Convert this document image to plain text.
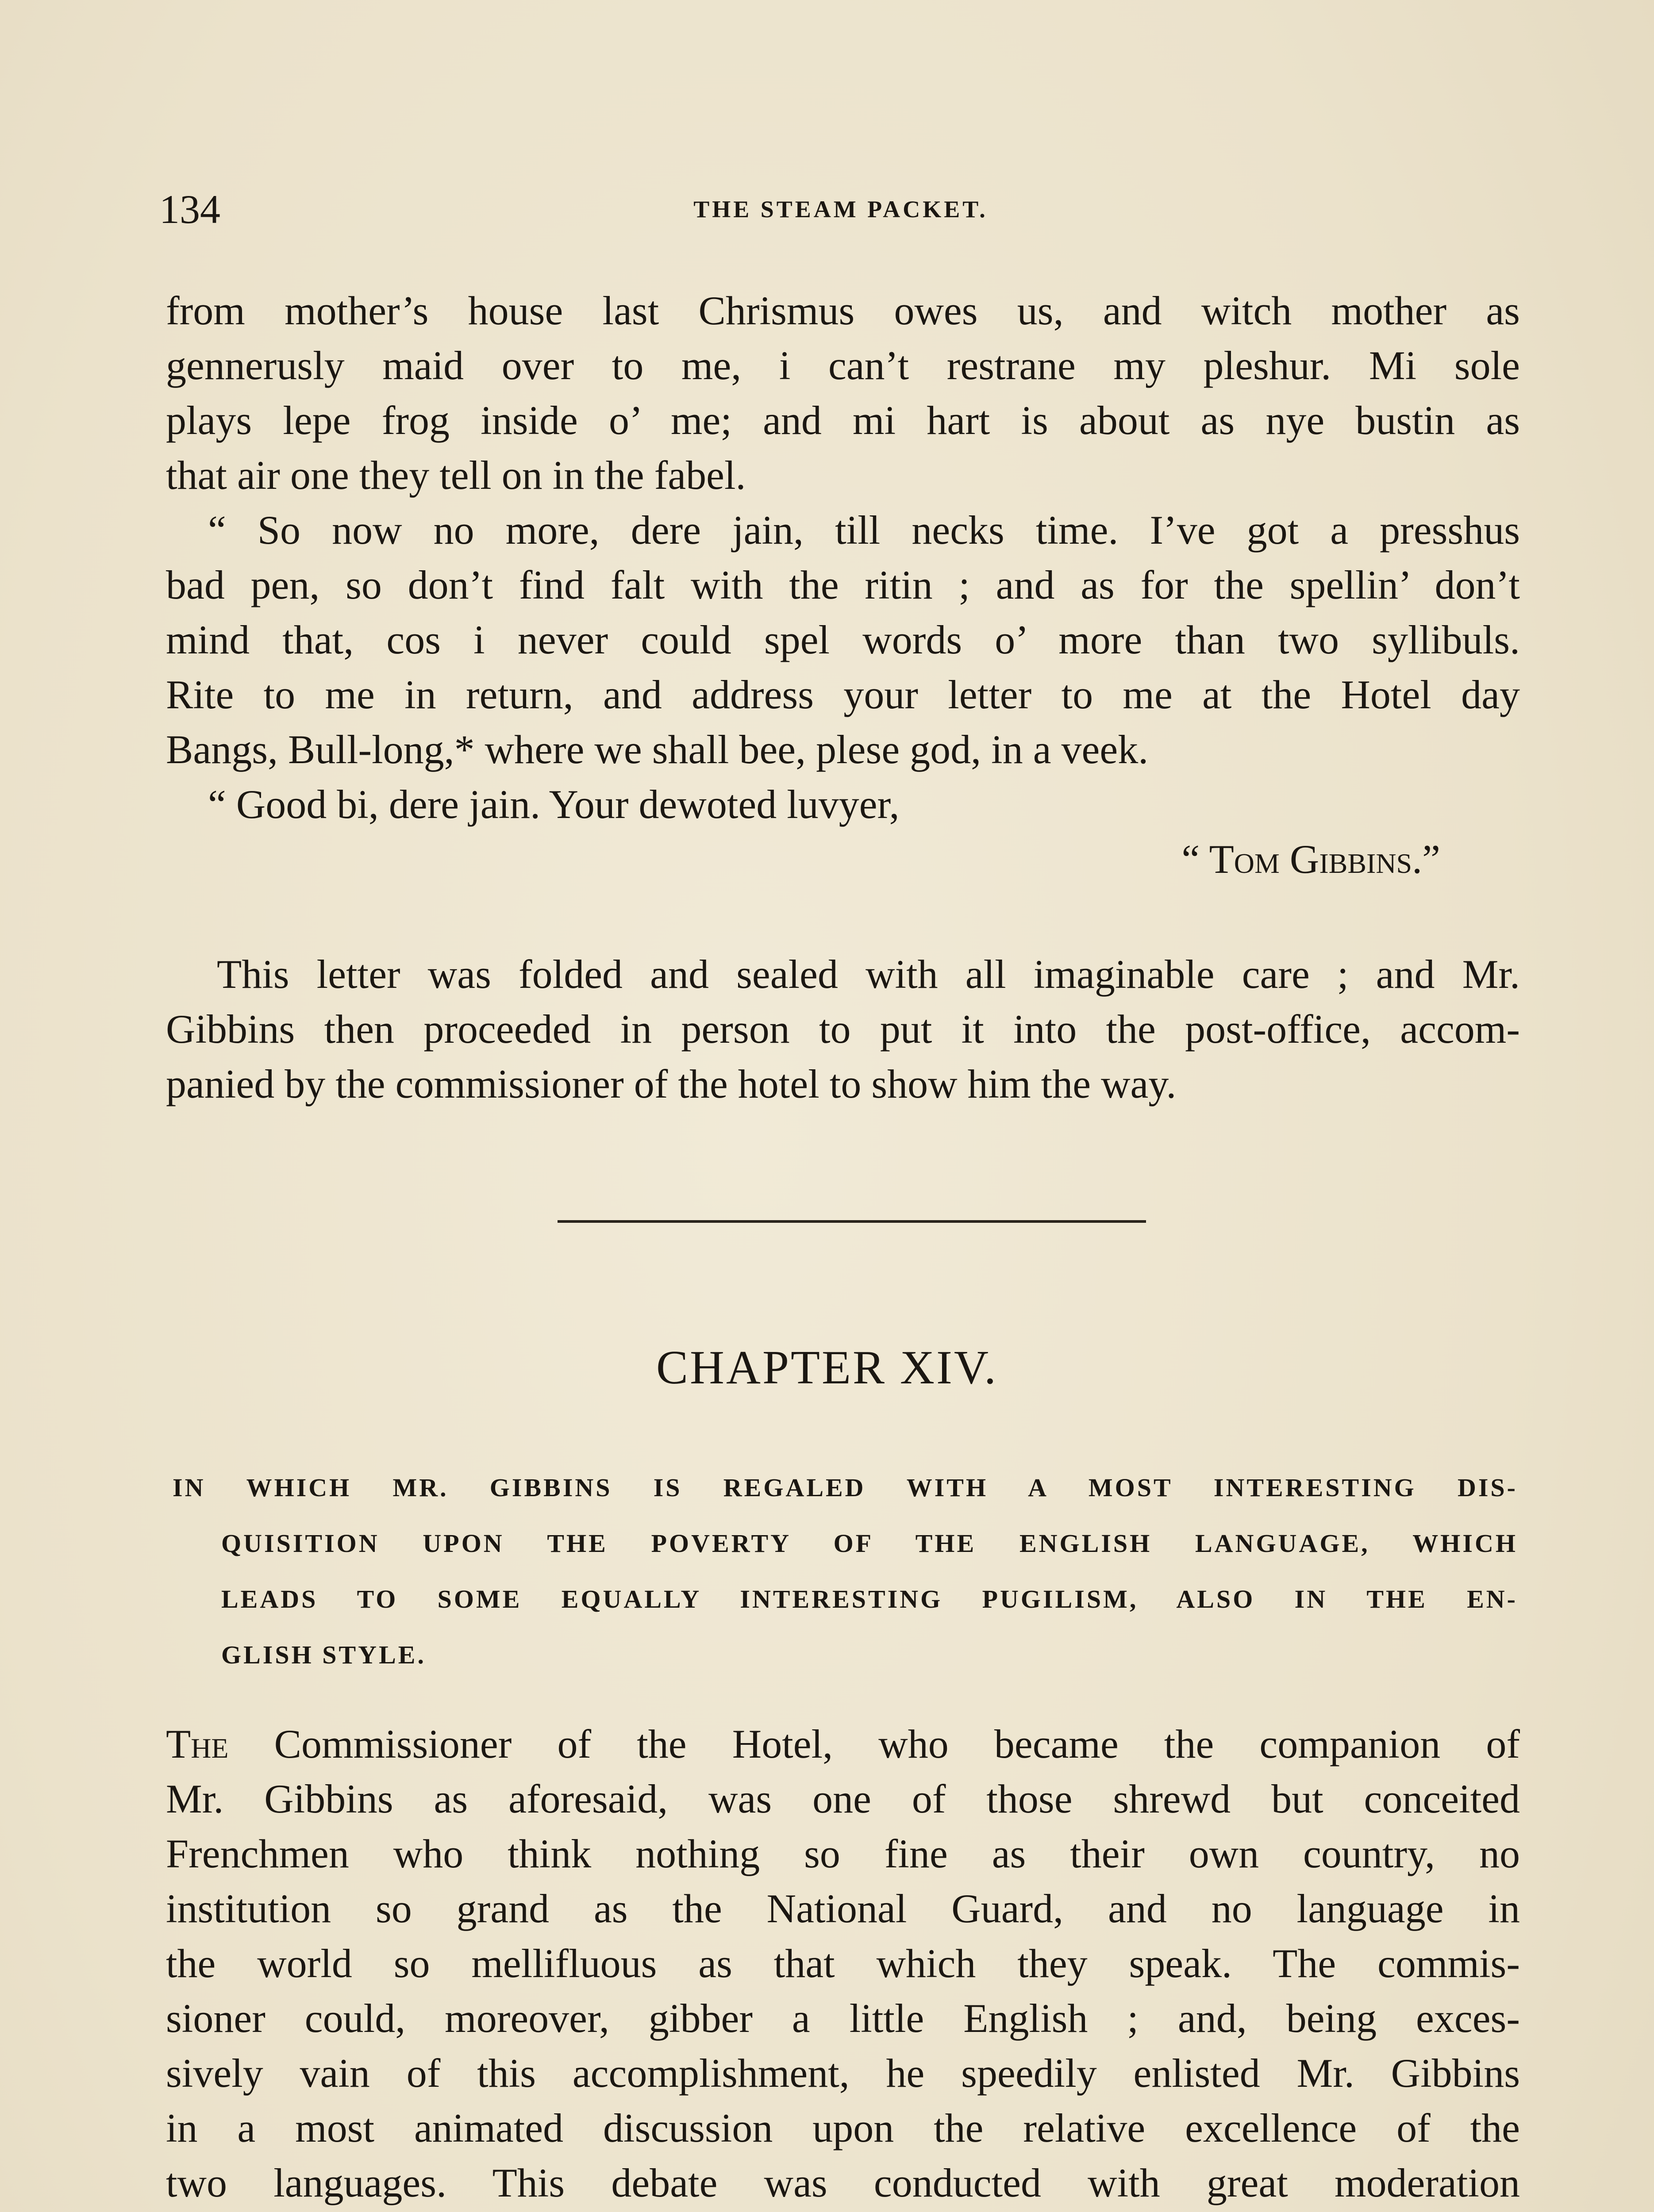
134	THE STEAM PACKET.
from mother’s house last Chrismus owes us, and witch mother as
gennerusly maid over to me, i can’t restrane my pleshur. Mi sole
plays lepe frog inside o’ me; and mi hart is about as nye bustin as
that air one they tell on in the fabel.
“ So now no more, dere jain, till necks time. I’ve got a presshus
bad pen, so don’t find falt with the ritin ; and as for the spellin’ don’t
mind that, cos i never could spel words o’ more than two syllibuls.
Rite to me in return, and address your letter to me at the Hotel day
Bangs, Bull-long,* where we shall bee, plese god, in a veek.
“ Good bi, dere jain. Your dewoted luvyer,
“ Tom Gibbins.”
This letter was folded and sealed with all imaginable care ; and Mr.
Gibbins then proceeded in person to put it into the post-office, accom-
panied by the commissioner of the hotel to show him the way.
CHAPTER XIV.
IN WHICH MR. GIBBINS IS REGALED WITH A MOST INTERESTING DIS-
QUISITION UPON THE POVERTY OF THE ENGLISH LANGUAGE, WHICH
LEADS TO SOME EQUALLY INTERESTING PUGILISM, ALSO IN THE EN-
GLISH STYLE.
The Commissioner of the Hotel, who became the companion of
Mr. Gibbins as aforesaid, was one of those shrewd but conceited
Frenchmen who think nothing so fine as their own country, no
institution so grand as the National Guard, and no language in
the world so mellifluous as that which they speak. The commis-
sioner could, moreover, gibber a little English ; and, being exces-
sively vain of this accomplishment, he speedily enlisted Mr. Gibbins
in a most animated discussion upon the relative excellence of the
two languages. This debate was conducted with great moderation
